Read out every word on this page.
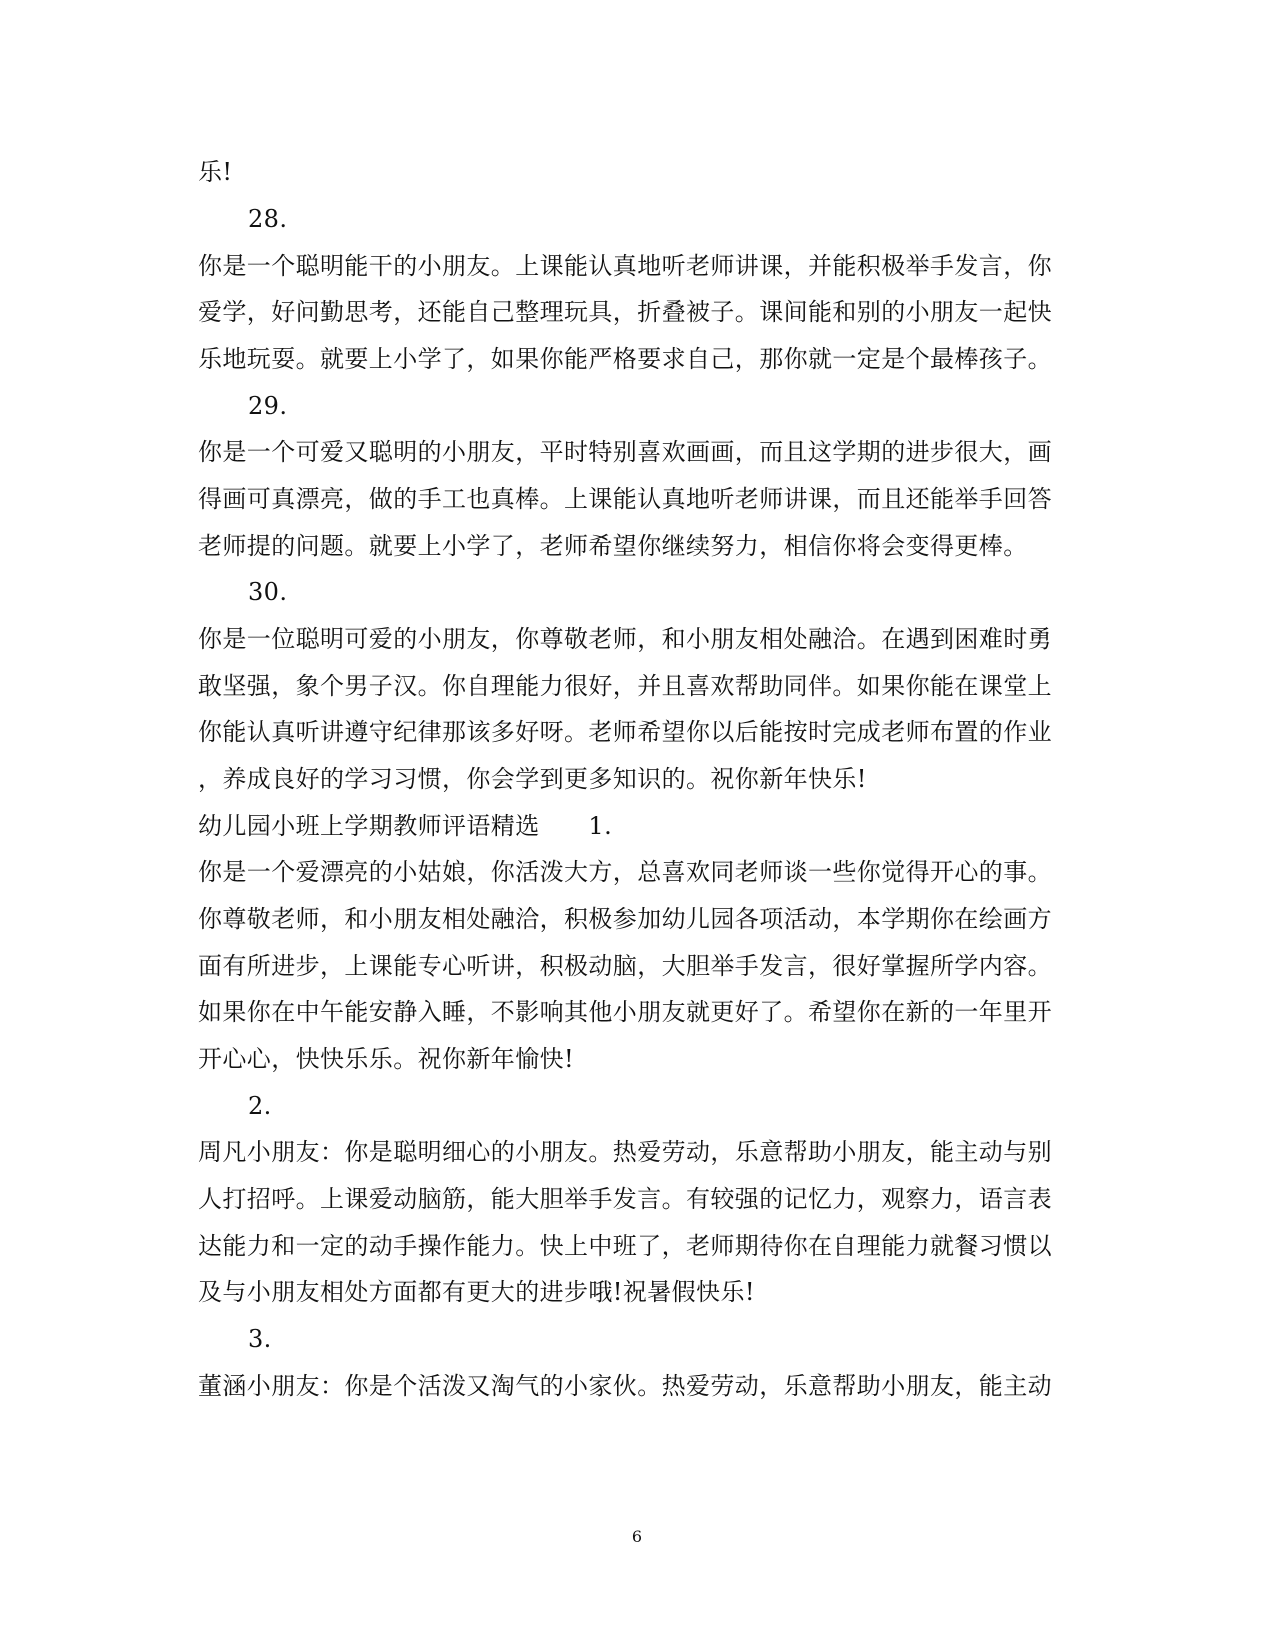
乐!
28.
你是一个聪明能干的小朋友。上课能认真地听老师讲课，并能积极举手发言，你
爱学，好问勤思考，还能自己整理玩具，折叠被子。课间能和别的小朋友一起快
乐地玩耍。就要上小学了，如果你能严格要求自己，那你就一定是个最棒孩子。
29.
你是一个可爱又聪明的小朋友，平时特别喜欢画画，而且这学期的进步很大，画
得画可真漂亮，做的手工也真棒。上课能认真地听老师讲课，而且还能举手回答
老师提的问题。就要上小学了，老师希望你继续努力，相信你将会变得更棒。
30.
你是一位聪明可爱的小朋友，你尊敬老师，和小朋友相处融洽。在遇到困难时勇
敢坚强，象个男子汉。你自理能力很好，并且喜欢帮助同伴。如果你能在课堂上
你能认真听讲遵守纪律那该多好呀。老师希望你以后能按时完成老师布置的作业
，养成良好的学习习惯，你会学到更多知识的。祝你新年快乐!
幼儿园小班上学期教师评语精选　　1.
你是一个爱漂亮的小姑娘，你活泼大方，总喜欢同老师谈一些你觉得开心的事。
你尊敬老师，和小朋友相处融洽，积极参加幼儿园各项活动，本学期你在绘画方
面有所进步，上课能专心听讲，积极动脑，大胆举手发言，很好掌握所学内容。
如果你在中午能安静入睡，不影响其他小朋友就更好了。希望你在新的一年里开
开心心，快快乐乐。祝你新年愉快!
2.
周凡小朋友：你是聪明细心的小朋友。热爱劳动，乐意帮助小朋友，能主动与别
人打招呼。上课爱动脑筋，能大胆举手发言。有较强的记忆力，观察力，语言表
达能力和一定的动手操作能力。快上中班了，老师期待你在自理能力就餐习惯以
及与小朋友相处方面都有更大的进步哦!祝暑假快乐!
3.
董涵小朋友：你是个活泼又淘气的小家伙。热爱劳动，乐意帮助小朋友，能主动
6
